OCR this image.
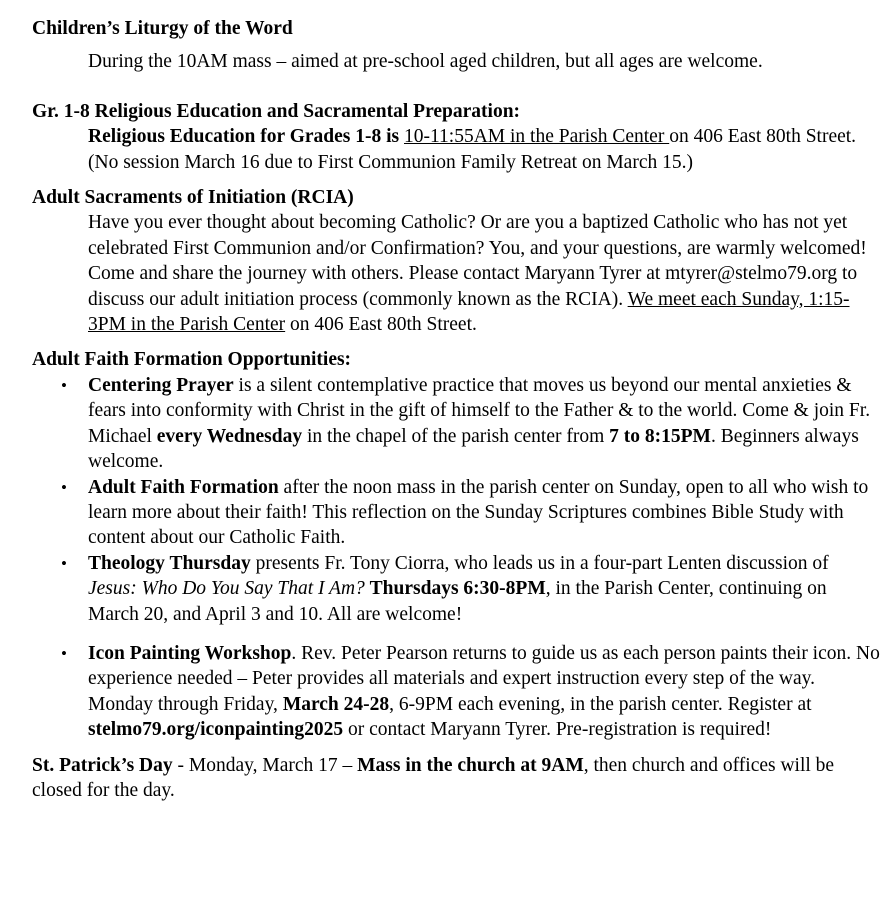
Children’s Liturgy of the Word
During the 10AM mass – aimed at pre-school aged children, but all ages are welcome.
Gr. 1-8 Religious Education and Sacramental Preparation:
Religious Education for Grades 1-8 is 10-11:55AM in the Parish Center on 406 East 80th Street. (No session March 16 due to First Communion Family Retreat on March 15.)
Adult Sacraments of Initiation (RCIA)
Have you ever thought about becoming Catholic? Or are you a baptized Catholic who has not yet celebrated First Communion and/or Confirmation? You, and your questions, are warmly welcomed! Come and share the journey with others. Please contact Maryann Tyrer at mtyrer@stelmo79.org to discuss our adult initiation process (commonly known as the RCIA). We meet each Sunday, 1:15-3PM in the Parish Center on 406 East 80th Street.
Adult Faith Formation Opportunities:
• Centering Prayer is a silent contemplative practice that moves us beyond our mental anxieties & fears into conformity with Christ in the gift of himself to the Father & to the world. Come & join Fr. Michael every Wednesday in the chapel of the parish center from 7 to 8:15PM. Beginners always welcome.
• Adult Faith Formation after the noon mass in the parish center on Sunday, open to all who wish to learn more about their faith! This reflection on the Sunday Scriptures combines Bible Study with content about our Catholic Faith.
• Theology Thursday presents Fr. Tony Ciorra, who leads us in a four-part Lenten discussion of Jesus: Who Do You Say That I Am? Thursdays 6:30-8PM, in the Parish Center, continuing on March 20, and April 3 and 10. All are welcome!
• Icon Painting Workshop. Rev. Peter Pearson returns to guide us as each person paints their icon. No experience needed – Peter provides all materials and expert instruction every step of the way. Monday through Friday, March 24-28, 6-9PM each evening, in the parish center. Register at stelmo79.org/iconpainting2025 or contact Maryann Tyrer. Pre-registration is required!
St. Patrick’s Day - Monday, March 17 – Mass in the church at 9AM, then church and offices will be closed for the day.
